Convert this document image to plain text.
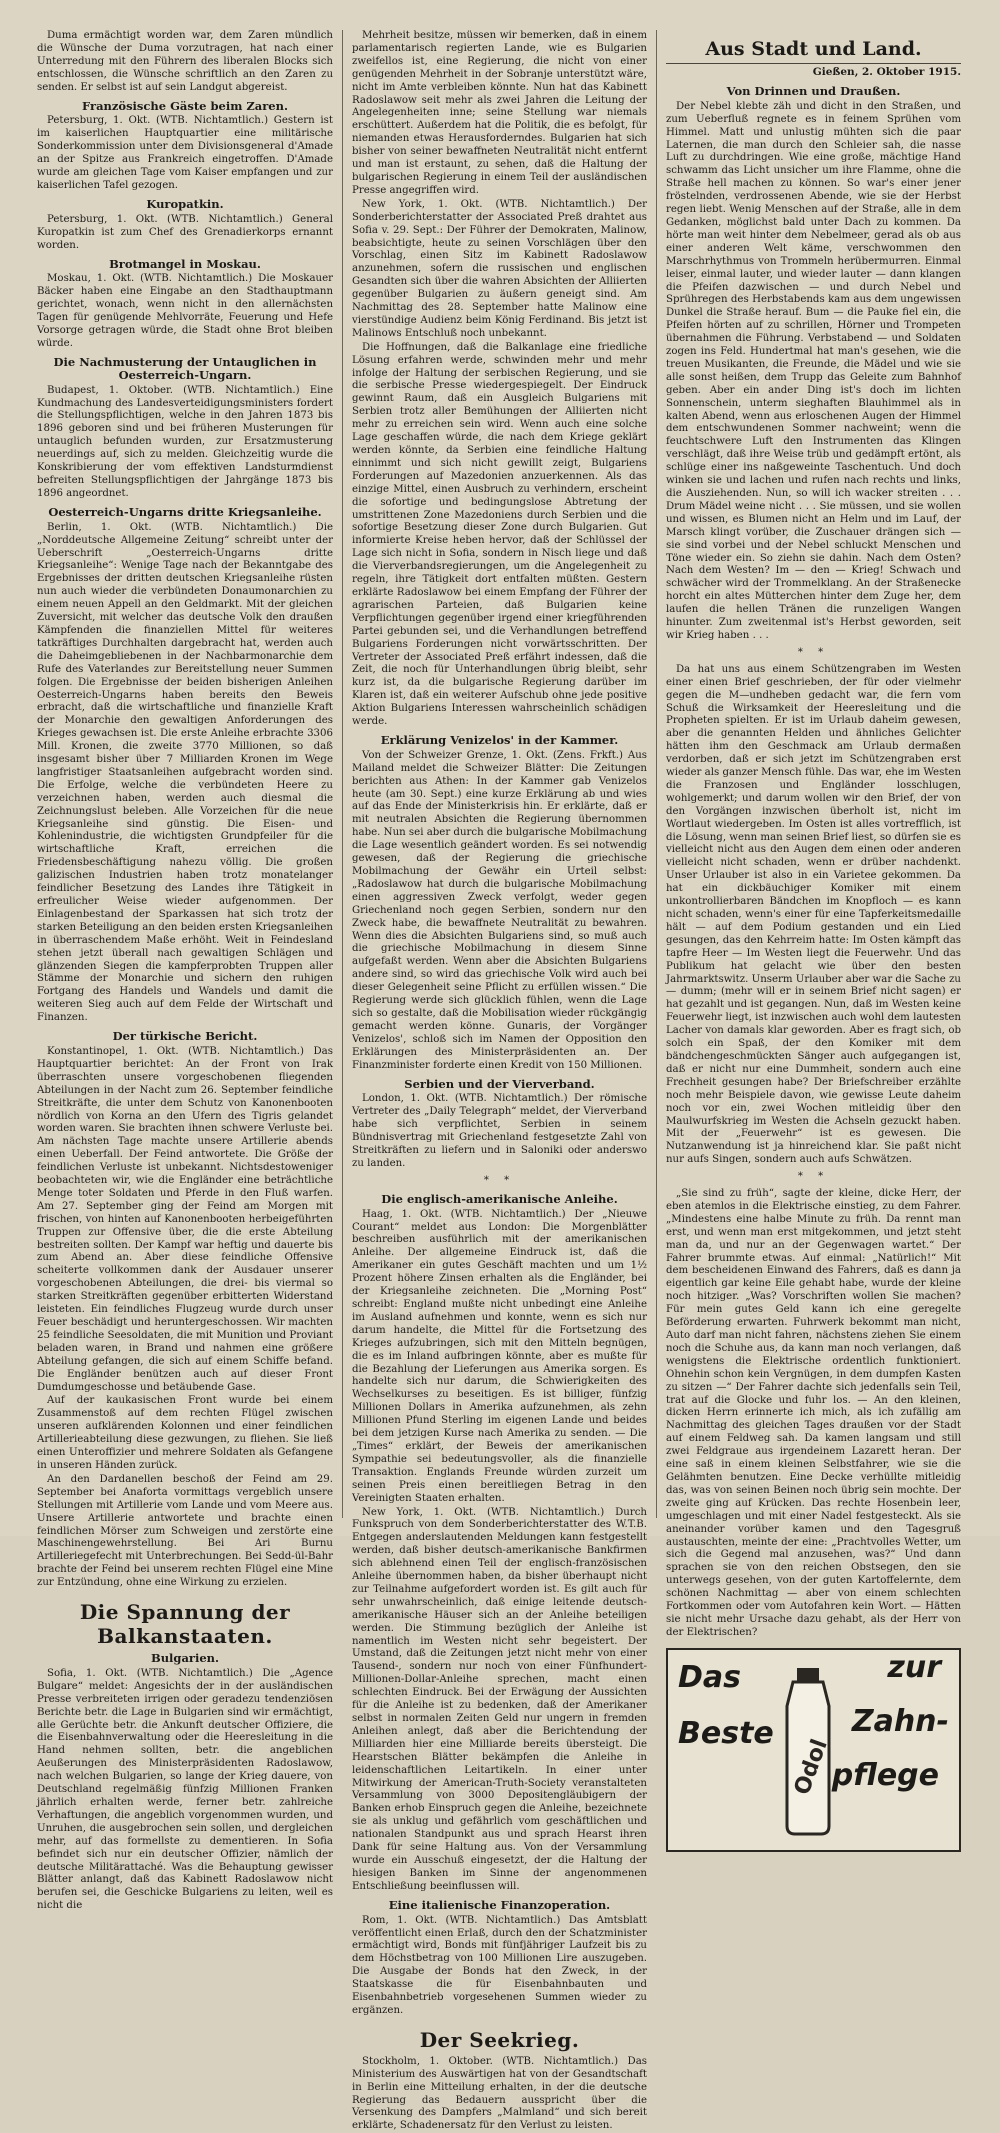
Duma ermächtigt worden war, dem Zaren mündlich die Wünsche der Duma vorzutragen, hat nach einer Unterredung mit den Führern des liberalen Blocks sich entschlossen, die Wünsche schriftlich an den Zaren zu senden. Er selbst ist auf sein Landgut abgereist.

Französische Gäste beim Zaren.

Petersburg, 1. Okt. (WTB. Nichtamtlich.) Gestern ist im kaiserlichen Hauptquartier eine militärische Sonderkommission unter dem Divisionsgeneral d'Amade an der Spitze aus Frankreich eingetroffen. D'Amade wurde am gleichen Tage vom Kaiser empfangen und zur kaiserlichen Tafel gezogen.

Kuropatkin.

Petersburg, 1. Okt. (WTB. Nichtamtlich.) General Kuropatkin ist zum Chef des Grenadierkorps ernannt worden.

Brotmangel in Moskau.

Moskau, 1. Okt. (WTB. Nichtamtlich.) Die Moskauer Bäcker haben eine Eingabe an den Stadthauptmann gerichtet, wonach, wenn nicht in den allernächsten Tagen für genügende Mehlvorräte, Feuerung und Hefe Vorsorge getragen würde, die Stadt ohne Brot bleiben würde.

Die Nachmusterung der Untauglichen in Oesterreich-Ungarn.

Budapest, 1. Oktober. (WTB. Nichtamtlich.) Eine Kundmachung des Landesverteidigungsministers fordert die Stellungspflichtigen, welche in den Jahren 1873 bis 1896 geboren sind und bei früheren Musterungen für untauglich befunden wurden, zur Ersatzmusterung neuerdings auf, sich zu melden. Gleichzeitig wurde die Konskribierung der vom effektiven Landsturmdienst befreiten Stellungspflichtigen der Jahrgänge 1873 bis 1896 angeordnet.

Oesterreich-Ungarns dritte Kriegsanleihe.

Berlin, 1. Okt. (WTB. Nichtamtlich.) Die „Norddeutsche Allgemeine Zeitung“ schreibt unter der Ueberschrift „Oesterreich-Ungarns dritte Kriegsanleihe“: Wenige Tage nach der Bekanntgabe des Ergebnisses der dritten deutschen Kriegsanleihe rüsten nun auch wieder die verbündeten Donaumonarchien zu einem neuen Appell an den Geldmarkt. Mit der gleichen Zuversicht, mit welcher das deutsche Volk den draußen Kämpfenden die finanziellen Mittel für weiteres tatkräftiges Durchhalten dargebracht hat, werden auch die Daheimgebliebenen in der Nachbarmonarchie dem Rufe des Vaterlandes zur Bereitstellung neuer Summen folgen. Die Ergebnisse der beiden bisherigen Anleihen Oesterreich-Ungarns haben bereits den Beweis erbracht, daß die wirtschaftliche und finanzielle Kraft der Monarchie den gewaltigen Anforderungen des Krieges gewachsen ist. Die erste Anleihe erbrachte 3306 Mill. Kronen, die zweite 3770 Millionen, so daß insgesamt bisher über 7 Milliarden Kronen im Wege langfristiger Staatsanleihen aufgebracht worden sind. Die Erfolge, welche die verbündeten Heere zu verzeichnen haben, werden auch diesmal die Zeichnungslust beleben. Alle Vorzeichen für die neue Kriegsanleihe sind günstig. Die Eisen- und Kohlenindustrie, die wichtigsten Grundpfeiler für die wirtschaftliche Kraft, erreichen die Friedensbeschäftigung nahezu völlig. Die großen galizischen Industrien haben trotz monatelanger feindlicher Besetzung des Landes ihre Tätigkeit in erfreulicher Weise wieder aufgenommen. Der Einlagenbestand der Sparkassen hat sich trotz der starken Beteiligung an den beiden ersten Kriegsanleihen in überraschendem Maße erhöht. Weit in Feindesland stehen jetzt überall nach gewaltigen Schlägen und glänzenden Siegen die kampferprobten Truppen aller Stämme der Monarchie und sichern den ruhigen Fortgang des Handels und Wandels und damit die weiteren Sieg auch auf dem Felde der Wirtschaft und Finanzen.

Der türkische Bericht.

Konstantinopel, 1. Okt. (WTB. Nichtamtlich.) Das Hauptquartier berichtet: An der Front von Irak überraschten unsere vorgeschobenen fliegenden Abteilungen in der Nacht zum 26. September feindliche Streitkräfte, die unter dem Schutz von Kanonenbooten nördlich von Korna an den Ufern des Tigris gelandet worden waren. Sie brachten ihnen schwere Verluste bei. Am nächsten Tage machte unsere Artillerie abends einen Ueberfall. Der Feind antwortete. Die Größe der feindlichen Verluste ist unbekannt. Nichtsdestoweniger beobachteten wir, wie die Engländer eine beträchtliche Menge toter Soldaten und Pferde in den Fluß warfen. Am 27. September ging der Feind am Morgen mit frischen, von hinten auf Kanonenbooten herbeigeführten Truppen zur Offensive über, die die erste Abteilung bestreiten sollten. Der Kampf war heftig und dauerte bis zum Abend an. Aber diese feindliche Offensive scheiterte vollkommen dank der Ausdauer unserer vorgeschobenen Abteilungen, die drei- bis viermal so starken Streitkräften gegenüber erbitterten Widerstand leisteten. Ein feindliches Flugzeug wurde durch unser Feuer beschädigt und heruntergeschossen. Wir machten 25 feindliche Seesoldaten, die mit Munition und Proviant beladen waren, in Brand und nahmen eine größere Abteilung gefangen, die sich auf einem Schiffe befand. Die Engländer benützen auch auf dieser Front Dumdumgeschosse und betäubende Gase.

Auf der kaukasischen Front wurde bei einem Zusammenstoß auf dem rechten Flügel zwischen unseren aufklärenden Kolonnen und einer feindlichen Artillerieabteilung diese gezwungen, zu fliehen. Sie ließ einen Unteroffizier und mehrere Soldaten als Gefangene in unseren Händen zurück.

An den Dardanellen beschoß der Feind am 29. September bei Anaforta vormittags vergeblich unsere Stellungen mit Artillerie vom Lande und vom Meere aus. Unsere Artillerie antwortete und brachte einen feindlichen Mörser zum Schweigen und zerstörte eine Maschinengewehrstellung. Bei Ari Burnu Artilleriegefecht mit Unterbrechungen. Bei Sedd-ül-Bahr brachte der Feind bei unserem rechten Flügel eine Mine zur Entzündung, ohne eine Wirkung zu erzielen.

Die Spannung der Balkanstaaten.
Bulgarien.

Sofia, 1. Okt. (WTB. Nichtamtlich.) Die „Agence Bulgare“ meldet: Angesichts der in der ausländischen Presse verbreiteten irrigen oder geradezu tendenziösen Berichte betr. die Lage in Bulgarien sind wir ermächtigt, alle Gerüchte betr. die Ankunft deutscher Offiziere, die die Eisenbahnverwaltung oder die Heeresleitung in die Hand nehmen sollten, betr. die angeblichen Aeußerungen des Ministerpräsidenten Radoslawow, nach welchen Bulgarien, so lange der Krieg dauere, von Deutschland regelmäßig fünfzig Millionen Franken jährlich erhalten werde, ferner betr. zahlreiche Verhaftungen, die angeblich vorgenommen wurden, und Unruhen, die ausgebrochen sein sollen, und dergleichen mehr, auf das formellste zu dementieren. In Sofia befindet sich nur ein deutscher Offizier, nämlich der deutsche Militärattaché. Was die Behauptung gewisser Blätter anlangt, daß das Kabinett Radoslawow nicht berufen sei, die Geschicke Bulgariens zu leiten, weil es nicht die

Mehrheit besitze, müssen wir bemerken, daß in einem parlamentarisch regierten Lande, wie es Bulgarien zweifellos ist, eine Regierung, die nicht von einer genügenden Mehrheit in der Sobranje unterstützt wäre, nicht im Amte verbleiben könnte. Nun hat das Kabinett Radoslawow seit mehr als zwei Jahren die Leitung der Angelegenheiten inne; seine Stellung war niemals erschüttert. Außerdem hat die Politik, die es befolgt, für niemanden etwas Herausforderndes. Bulgarien hat sich bisher von seiner bewaffneten Neutralität nicht entfernt und man ist erstaunt, zu sehen, daß die Haltung der bulgarischen Regierung in einem Teil der ausländischen Presse angegriffen wird.

New York, 1. Okt. (WTB. Nichtamtlich.) Der Sonderberichterstatter der Associated Preß drahtet aus Sofia v. 29. Sept.: Der Führer der Demokraten, Malinow, beabsichtigte, heute zu seinen Vorschlägen über den Vorschlag, einen Sitz im Kabinett Radoslawow anzunehmen, sofern die russischen und englischen Gesandten sich über die wahren Absichten der Alliierten gegenüber Bulgarien zu äußern geneigt sind. Am Nachmittag des 28. September hatte Malinow eine vierstündige Audienz beim König Ferdinand. Bis jetzt ist Malinows Entschluß noch unbekannt.

Die Hoffnungen, daß die Balkanlage eine friedliche Lösung erfahren werde, schwinden mehr und mehr infolge der Haltung der serbischen Regierung, und sie die serbische Presse wiedergespiegelt. Der Eindruck gewinnt Raum, daß ein Ausgleich Bulgariens mit Serbien trotz aller Bemühungen der Alliierten nicht mehr zu erreichen sein wird. Wenn auch eine solche Lage geschaffen würde, die nach dem Kriege geklärt werden könnte, da Serbien eine feindliche Haltung einnimmt und sich nicht gewillt zeigt, Bulgariens Forderungen auf Mazedonien anzuerkennen. Als das einzige Mittel, einen Ausbruch zu verhindern, erscheint die sofortige und bedingungslose Abtretung der umstrittenen Zone Mazedoniens durch Serbien und die sofortige Besetzung dieser Zone durch Bulgarien. Gut informierte Kreise heben hervor, daß der Schlüssel der Lage sich nicht in Sofia, sondern in Nisch liege und daß die Vierverbandsregierungen, um die Angelegenheit zu regeln, ihre Tätigkeit dort entfalten müßten. Gestern erklärte Radoslawow bei einem Empfang der Führer der agrarischen Parteien, daß Bulgarien keine Verpflichtungen gegenüber irgend einer kriegführenden Partei gebunden sei, und die Verhandlungen betreffend Bulgariens Forderungen nicht vorwärtsschritten. Der Vertreter der Associated Preß erfährt indessen, daß die Zeit, die noch für Unterhandlungen übrig bleibt, sehr kurz ist, da die bulgarische Regierung darüber im Klaren ist, daß ein weiterer Aufschub ohne jede positive Aktion Bulgariens Interessen wahrscheinlich schädigen werde.

Erklärung Venizelos' in der Kammer.

Von der Schweizer Grenze, 1. Okt. (Zens. Frkft.) Aus Mailand meldet die Schweizer Blätter: Die Zeitungen berichten aus Athen: In der Kammer gab Venizelos heute (am 30. Sept.) eine kurze Erklärung ab und wies auf das Ende der Ministerkrisis hin. Er erklärte, daß er mit neutralen Absichten die Regierung übernommen habe. Nun sei aber durch die bulgarische Mobilmachung die Lage wesentlich geändert worden. Es sei notwendig gewesen, daß der Regierung die griechische Mobilmachung der Gewähr ein Urteil selbst: „Radoslawow hat durch die bulgarische Mobilmachung einen aggressiven Zweck verfolgt, weder gegen Griechenland noch gegen Serbien, sondern nur den Zweck habe, die bewaffnete Neutralität zu bewahren. Wenn dies die Absichten Bulgariens sind, so muß auch die griechische Mobilmachung in diesem Sinne aufgefaßt werden. Wenn aber die Absichten Bulgariens andere sind, so wird das griechische Volk wird auch bei dieser Gelegenheit seine Pflicht zu erfüllen wissen.“ Die Regierung werde sich glücklich fühlen, wenn die Lage sich so gestalte, daß die Mobilisation wieder rückgängig gemacht werden könne. Gunaris, der Vorgänger Venizelos', schloß sich im Namen der Opposition den Erklärungen des Ministerpräsidenten an. Der Finanzminister forderte einen Kredit von 150 Millionen.

Serbien und der Vierverband.

London, 1. Okt. (WTB. Nichtamtlich.) Der römische Vertreter des „Daily Telegraph“ meldet, der Vierverband habe sich verpflichtet, Serbien in seinem Bündnisvertrag mit Griechenland festgesetzte Zahl von Streitkräften zu liefern und in Saloniki oder anderswo zu landen.

* *
Die englisch-amerikanische Anleihe.

Haag, 1. Okt. (WTB. Nichtamtlich.) Der „Nieuwe Courant“ meldet aus London: Die Morgenblätter beschreiben ausführlich mit der amerikanischen Anleihe. Der allgemeine Eindruck ist, daß die Amerikaner ein gutes Geschäft machten und um 1½ Prozent höhere Zinsen erhalten als die Engländer, bei der Kriegsanleihe zeichneten. Die „Morning Post“ schreibt: England mußte nicht unbedingt eine Anleihe im Ausland aufnehmen und konnte, wenn es sich nur darum handelte, die Mittel für die Fortsetzung des Krieges aufzubringen, sich mit den Mitteln begnügen, die es im Inland aufbringen könnte, aber es mußte für die Bezahlung der Lieferungen aus Amerika sorgen. Es handelte sich nur darum, die Schwierigkeiten des Wechselkurses zu beseitigen. Es ist billiger, fünfzig Millionen Dollars in Amerika aufzunehmen, als zehn Millionen Pfund Sterling im eigenen Lande und beides bei dem jetzigen Kurse nach Amerika zu senden. — Die „Times“ erklärt, der Beweis der amerikanischen Sympathie sei bedeutungsvoller, als die finanzielle Transaktion. Englands Freunde würden zurzeit um seinen Preis einen bereitliegen Betrag in den Vereinigten Staaten erhalten.

New York, 1. Okt. (WTB. Nichtamtlich.) Durch Funkspruch von dem Sonderberichterstatter des W.T.B. Entgegen anderslautenden Meldungen kann festgestellt werden, daß bisher deutsch-amerikanische Bankfirmen sich ablehnend einen Teil der englisch-französischen Anleihe übernommen haben, da bisher überhaupt nicht zur Teilnahme aufgefordert worden ist. Es gilt auch für sehr unwahrscheinlich, daß einige leitende deutsch-amerikanische Häuser sich an der Anleihe beteiligen werden. Die Stimmung bezüglich der Anleihe ist namentlich im Westen nicht sehr begeistert. Der Umstand, daß die Zeitungen jetzt nicht mehr von einer Tausend-, sondern nur noch von einer Fünfhundert-Millionen-Dollar-Anleihe sprechen, macht einen schlechten Eindruck. Bei der Erwägung der Aussichten für die Anleihe ist zu bedenken, daß der Amerikaner selbst in normalen Zeiten Geld nur ungern in fremden Anleihen anlegt, daß aber die Berichtendung der Milliarden hier eine Milliarde bereits übersteigt. Die Hearstschen Blätter bekämpfen die Anleihe in leidenschaftlichen Leitartikeln. In einer unter Mitwirkung der American-Truth-Society veranstalteten Versammlung von 3000 Depositengläubigern der Banken erhob Einspruch gegen die Anleihe, bezeichnete sie als unklug und gefährlich vom geschäftlichen und nationalen Standpunkt aus und sprach Hearst ihren Dank für seine Haltung aus. Von der Versammlung wurde ein Ausschuß eingesetzt, der die Haltung der hiesigen Banken im Sinne der angenommenen Entschließung beeinflussen will.

Eine italienische Finanzoperation.

Rom, 1. Okt. (WTB. Nichtamtlich.) Das Amtsblatt veröffentlicht einen Erlaß, durch den der Schatzminister ermächtigt wird, Bonds mit fünfjähriger Laufzeit bis zu dem Höchstbetrag von 100 Millionen Lire auszugeben. Die Ausgabe der Bonds hat den Zweck, in der Staatskasse die für Eisenbahnbauten und Eisenbahnbetrieb vorgesehenen Summen wieder zu ergänzen.

Der Seekrieg.

Stockholm, 1. Oktober. (WTB. Nichtamtlich.) Das Ministerium des Auswärtigen hat von der Gesandtschaft in Berlin eine Mitteilung erhalten, in der die deutsche Regierung das Bedauern ausspricht über die Versenkung des Dampfers „Malmland“ und sich bereit erklärte, Schadenersatz für den Verlust zu leisten.

Aus Stadt und Land.
Gießen, 2. Oktober 1915.
Von Drinnen und Draußen.

Der Nebel klebte zäh und dicht in den Straßen, und zum Ueberfluß regnete es in feinem Sprühen vom Himmel. Matt und unlustig mühten sich die paar Laternen, die man durch den Schleier sah, die nasse Luft zu durchdringen. Wie eine große, mächtige Hand schwamm das Licht unsicher um ihre Flamme, ohne die Straße hell machen zu können. So war's einer jener fröstelnden, verdrossenen Abende, wie sie der Herbst regen liebt. Wenig Menschen auf der Straße, alle in dem Gedanken, möglichst bald unter Dach zu kommen. Da hörte man weit hinter dem Nebelmeer, gerad als ob aus einer anderen Welt käme, verschwommen den Marschrhythmus von Trommeln herübermurren. Einmal leiser, einmal lauter, und wieder lauter — dann klangen die Pfeifen dazwischen — und durch Nebel und Sprühregen des Herbstabends kam aus dem ungewissen Dunkel die Straße herauf. Bum — die Pauke fiel ein, die Pfeifen hörten auf zu schrillen, Hörner und Trompeten übernahmen die Führung. Verbstabend — und Soldaten zogen ins Feld. Hundertmal hat man's gesehen, wie die treuen Musikanten, die Freunde, die Mädel und wie sie alle sonst heißen, dem Trupp das Geleite zum Bahnhof geben. Aber ein ander Ding ist's doch im lichten Sonnenschein, unterm sieghaften Blauhimmel als in kalten Abend, wenn aus erloschenen Augen der Himmel dem entschwundenen Sommer nachweint; wenn die feuchtschwere Luft den Instrumenten das Klingen verschlägt, daß ihre Weise trüb und gedämpft ertönt, als schlüge einer ins naßgeweinte Taschentuch. Und doch winken sie und lachen und rufen nach rechts und links, die Ausziehenden. Nun, so will ich wacker streiten . . . Drum Mädel weine nicht . . . Sie müssen, und sie wollen und wissen, es Blumen nicht an Helm und im Lauf, der Marsch klingt vorüber, die Zuschauer drängen sich — sie sind vorbei und der Nebel schluckt Menschen und Töne wieder ein. So ziehn sie dahin. Nach dem Osten? Nach dem Westen? Im — den — Krieg! Schwach und schwächer wird der Trommelklang. An der Straßenecke horcht ein altes Mütterchen hinter dem Zuge her, dem laufen die hellen Tränen die runzeligen Wangen hinunter. Zum zweitenmal ist's Herbst geworden, seit wir Krieg haben . . .

* *

Da hat uns aus einem Schützengraben im Westen einer einen Brief geschrieben, der für oder vielmehr gegen die M—undheben gedacht war, die fern vom Schuß die Wirksamkeit der Heeresleitung und die Propheten spielten. Er ist im Urlaub daheim gewesen, aber die genannten Helden und ähnliches Gelichter hätten ihm den Geschmack am Urlaub dermaßen verdorben, daß er sich jetzt im Schützengraben erst wieder als ganzer Mensch fühle. Das war, ehe im Westen die Franzosen und Engländer losschlugen, wohlgemerkt; und darum wollen wir den Brief, der von den Vorgängen inzwischen überholt ist, nicht im Wortlaut wiedergeben. Im Osten ist alles vortrefflich, ist die Lösung, wenn man seinen Brief liest, so dürfen sie es vielleicht nicht aus den Augen dem einen oder anderen vielleicht nicht schaden, wenn er drüber nachdenkt. Unser Urlauber ist also in ein Varietee gekommen. Da hat ein dickbäuchiger Komiker mit einem unkontrollierbaren Bändchen im Knopfloch — es kann nicht schaden, wenn's einer für eine Tapferkeitsmedaille hält — auf dem Podium gestanden und ein Lied gesungen, das den Kehrreim hatte: Im Osten kämpft das tapfre Heer — Im Westen liegt die Feuerwehr. Und das Publikum hat gelacht wie über den besten Jahrmarktswitz. Unserm Urlauber aber war die Sache zu — dumm; (mehr will er in seinem Brief nicht sagen) er hat gezahlt und ist gegangen. Nun, daß im Westen keine Feuerwehr liegt, ist inzwischen auch wohl dem lautesten Lacher von damals klar geworden. Aber es fragt sich, ob solch ein Spaß, der den Komiker mit dem bändchengeschmückten Sänger auch aufgegangen ist, daß er nicht nur eine Dummheit, sondern auch eine Frechheit gesungen habe? Der Briefschreiber erzählte noch mehr Beispiele davon, wie gewisse Leute daheim noch vor ein, zwei Wochen mitleidig über den Maulwurfskrieg im Westen die Achseln gezuckt haben. Mit der „Feuerwehr“ ist es gewesen. Die Nutzanwendung ist ja hinreichend klar. Sie paßt nicht nur aufs Singen, sondern auch aufs Schwätzen.

* *

„Sie sind zu früh“, sagte der kleine, dicke Herr, der eben atemlos in die Elektrische einstieg, zu dem Fahrer. „Mindestens eine halbe Minute zu früh. Da rennt man erst, und wenn man erst mitgekommen, und jetzt steht man da, und nur an der Gegenwagen wartet.“ Der Fahrer brummte etwas. Auf einmal: „Natürlich!“ Mit dem bescheidenen Einwand des Fahrers, daß es dann ja eigentlich gar keine Eile gehabt habe, wurde der kleine noch hitziger. „Was? Vorschriften wollen Sie machen? Für mein gutes Geld kann ich eine geregelte Beförderung erwarten. Fuhrwerk bekommt man nicht, Auto darf man nicht fahren, nächstens ziehen Sie einem noch die Schuhe aus, da kann man noch verlangen, daß wenigstens die Elektrische ordentlich funktioniert. Ohnehin schon kein Vergnügen, in dem dumpfen Kasten zu sitzen —“ Der Fahrer dachte sich jedenfalls sein Teil, trat auf die Glocke und fuhr los. — An den kleinen, dicken Herrn erinnerte ich mich, als ich zufällig am Nachmittag des gleichen Tages draußen vor der Stadt auf einem Feldweg sah. Da kamen langsam und still zwei Feldgraue aus irgendeinem Lazarett heran. Der eine saß in einem kleinen Selbstfahrer, wie sie die Gelähmten benutzen. Eine Decke verhüllte mitleidig das, was von seinen Beinen noch übrig sein mochte. Der zweite ging auf Krücken. Das rechte Hosenbein leer, umgeschlagen und mit einer Nadel festgesteckt. Als sie aneinander vorüber kamen und den Tagesgruß austauschten, meinte der eine: „Prachtvolles Wetter, um sich die Gegend mal anzusehen, was?“ Und dann sprachen sie von den reichen Obstsegen, den sie unterwegs gesehen, von der guten Kartoffelernte, dem schönen Nachmittag — aber von einem schlechten Fortkommen oder vom Autofahren kein Wort. — Hätten sie nicht mehr Ursache dazu gehabt, als der Herr von der Elektrischen?

Das
Beste
zur
Zahn-
pflege
Odol
